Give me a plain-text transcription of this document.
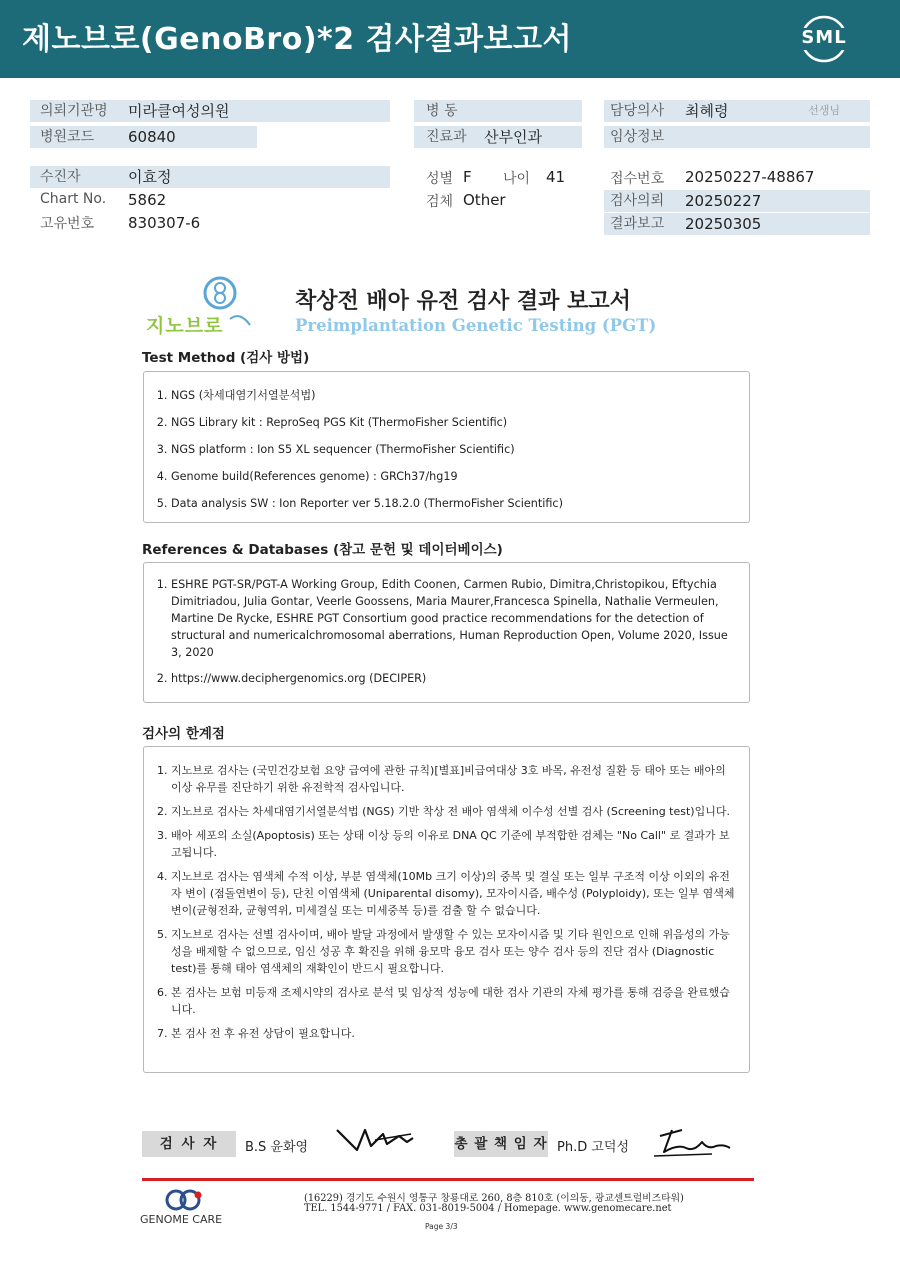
제노브로(GenoBro)*2 검사결과보고서	SML
의뢰기관명 미라클여성의원	병 동	담당의사 최혜령	선생님
병원코드 60840	진료과 산부인과	임상정보
수진자	이효정
Chart No. 5862
고유번호 830307-6
성별 F 나이 41
검체 Other
접수번호 20250227-48867
검사의뢰 20250227
결과보고 20250305
지노브로
착상전 배아 유전 검사 결과 보고서
Preimplantation Genetic Testing (PGT)
Test Method (검사 방법)
1. NGS (차세대염기서열분석법)
2. NGS Library kit : ReproSeq PGS Kit (ThermoFisher Scientific)
3. NGS platform : Ion S5 XL sequencer (ThermoFisher Scientific)
4. Genome build(References genome) : GRCh37/hg19
5. Data analysis SW : Ion Reporter ver 5.18.2.0 (ThermoFisher Scientific)
References & Databases (참고 문헌 및 데이터베이스)
1. ESHRE PGT-SR/PGT-A Working Group, Edith Coonen, Carmen Rubio, Dimitra,Christopikou, Eftychia Dimitriadou, Julia Gontar, Veerle Goossens, Maria Maurer,Francesca Spinella, Nathalie Vermeulen, Martine De Rycke, ESHRE PGT Consortium good practice recommendations for the detection of structural and numericalchromosomal aberrations, Human Reproduction Open, Volume 2020, Issue 3, 2020
2. https://www.deciphergenomics.org (DECIPER)
검사의 한계점
1. 지노브로 검사는 (국민건강보험 요양 급여에 관한 규칙)[별표]비급여대상 3호 바목, 유전성 질환 등 태아 또는 배아의 이상 유무를 진단하기 위한 유전학적 검사입니다.
2. 지노브로 검사는 차세대염기서열분석법 (NGS) 기반 착상 전 배아 염색체 이수성 선별 검사 (Screening test)입니다.
3. 배아 세포의 소실(Apoptosis) 또는 상태 이상 등의 이유로 DNA QC 기준에 부적합한 검체는 "No Call" 로 결과가 보고됩니다.
4. 지노브로 검사는 염색체 수적 이상, 부분 염색체(10Mb 크기 이상)의 중복 및 결실 또는 일부 구조적 이상 이외의 유전자 변이 (점돌연변이 등), 단친 이염색체 (Uniparental disomy), 모자이시즘, 배수성 (Polyploidy), 또는 일부 염색체 변이(균형전좌, 균형역위, 미세결실 또는 미세중복 등)를 검출 할 수 없습니다.
5. 지노브로 검사는 선별 검사이며, 배아 발달 과정에서 발생할 수 있는 모자이시즘 및 기타 원인으로 인해 위음성의 가능성을 배제할 수 없으므로, 임신 성공 후 확진을 위해 융모막 융모 검사 또는 양수 검사 등의 진단 검사 (Diagnostic test)를 통해 태아 염색체의 재확인이 반드시 필요합니다.
6. 본 검사는 보험 미등재 조제시약의 검사로 분석 및 임상적 성능에 대한 검사 기관의 자체 평가를 통해 검증을 완료했습니다.
7. 본 검사 전 후 유전 상담이 필요합니다.
검 사 자	B.S 윤화영	총 괄 책 임 자 Ph.D 고덕성
GENOME CARE
(16229) 경기도 수원시 영통구 창룡대로 260, 8층 810호 (이의동, 광교센트럴비즈타워)
TEL. 1544-9771 / FAX. 031-8019-5004 / Homepage. www.genomecare.net
Page 3/3
